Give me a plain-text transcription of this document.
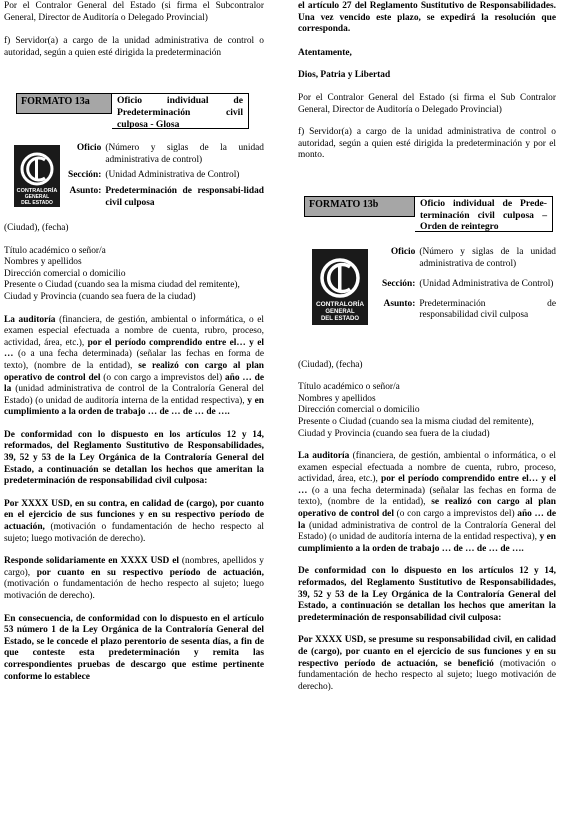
Por el Contralor General del Estado (si firma el Subcontralor General, Director de Auditoría o Delegado Provincial)

f) Servidor(a) a cargo de la unidad administrativa de control o autoridad, según a quien esté dirigida la predeterminación

FORMATO 13a	Oficio individual de Predeterminación civil culposa - Glosa
CONTRALORÍA
GENERAL
DEL ESTADO
Oficio (Número y siglas de la unidad administrativa de control)
Sección: (Unidad Administrativa de Control)
Asunto: Predeterminación de responsabi-lidad civil culposa

(Ciudad), (fecha)

Título académico o señor/a

Nombres y apellidos

Dirección comercial o domicilio

Presente o Ciudad (cuando sea la misma ciudad del remitente),

Ciudad y Provincia (cuando sea fuera de la ciudad)

La auditoría (financiera, de gestión, ambiental o informática, o el examen especial efectuada a nombre de cuenta, rubro, proceso, actividad, área, etc.), por el período comprendido entre el… y el … (o a una fecha determinada) (señalar las fechas en forma de texto), (nombre de la entidad), se realizó con cargo al plan operativo de control del (o con cargo a imprevistos del) año … de la (unidad administrativa de control de la Contraloría General del Estado) (o unidad de auditoría interna de la entidad respectiva), y en cumplimiento a la orden de trabajo … de … de … de ….

De conformidad con lo dispuesto en los artículos 12 y 14, reformados, del Reglamento Sustitutivo de Responsabilidades, 39, 52 y 53 de la Ley Orgánica de la Contraloría General del Estado, a continuación se detallan los hechos que ameritan la predeterminación de responsabilidad civil culposa:

Por XXXX USD, en su contra, en calidad de (cargo), por cuanto en el ejercicio de sus funciones y en su respectivo período de actuación, (motivación o fundamentación de hecho respecto al sujeto; luego motivación de derecho).

Responde solidariamente en XXXX USD el (nombres, apellidos y cargo), por cuanto en su respectivo período de actuación, (motivación o fundamentación de hecho respecto al sujeto; luego motivación de derecho).

En consecuencia, de conformidad con lo dispuesto en el artículo 53 número 1 de la Ley Orgánica de la Contraloría General del Estado, se le concede el plazo perentorio de sesenta días, a fin de que conteste esta predeterminación y remita las correspondientes pruebas de descargo que estime pertinente conforme lo establece

el artículo 27 del Reglamento Sustitutivo de Responsabilidades. Una vez vencido este plazo, se expedirá la resolución que corresponda.

Atentamente,

Dios, Patria y Libertad

Por el Contralor General del Estado (si firma el Sub Contralor General, Director de Auditoría o Delegado Provincial)

f) Servidor(a) a cargo de la unidad administrativa de control o autoridad, según a quien esté dirigida la predeterminación y por el monto.

FORMATO 13b	Oficio individual de Prede-terminación civil culposa – Orden de reintegro
CONTRALORÍA
GENERAL
DEL ESTADO
Oficio (Número y siglas de la unidad administrativa de control)
Sección: (Unidad Administrativa de Control)
Asunto: Predeterminación de responsabilidad civil culposa

(Ciudad), (fecha)

Título académico o señor/a

Nombres y apellidos

Dirección comercial o domicilio

Presente o Ciudad (cuando sea la misma ciudad del remitente),

Ciudad y Provincia (cuando sea fuera de la ciudad)

La auditoría (financiera, de gestión, ambiental o informática, o el examen especial efectuada a nombre de cuenta, rubro, proceso, actividad, área, etc.), por el período comprendido entre el… y el … (o a una fecha determinada) (señalar las fechas en forma de texto), (nombre de la entidad), se realizó con cargo al plan operativo de control del (o con cargo a imprevistos del) año … de la (unidad administrativa de control de la Contraloría General del Estado) (o unidad de auditoría interna de la entidad respectiva), y en cumplimiento a la orden de trabajo … de … de … de ….

De conformidad con lo dispuesto en los artículos 12 y 14, reformados, del Reglamento Sustitutivo de Responsabilidades, 39, 52 y 53 de la Ley Orgánica de la Contraloría General del Estado, a continuación se detallan los hechos que ameritan la predeterminación de responsabilidad civil culposa:

Por XXXX USD, se presume su responsabilidad civil, en calidad de (cargo), por cuanto en el ejercicio de sus funciones y en su respectivo período de actuación, se benefició (motivación o fundamentación de hecho respecto al sujeto; luego motivación de derecho).
